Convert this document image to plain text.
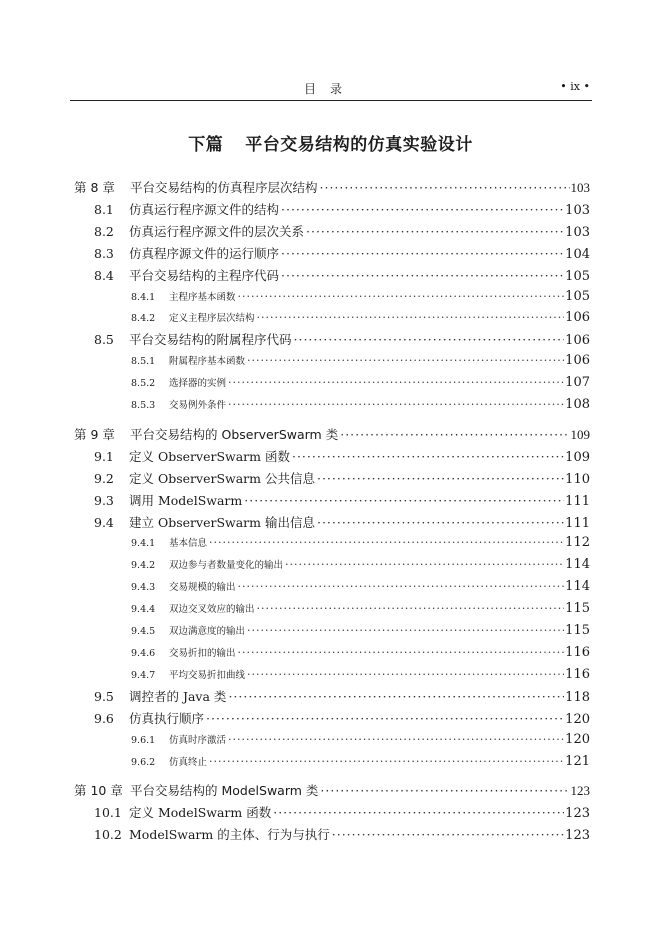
目录	• ix •
下篇 平台交易结构的仿真实验设计
第 8 章	平台交易结构的仿真程序层次结构 ·····	103
8.1	仿真运行程序源文件的结构 ·····	103
8.2	仿真运行程序源文件的层次关系 ·····	103
8.3	仿真程序源文件的运行顺序 ·····	104
8.4	平台交易结构的主程序代码 ·····	105
8.4.1	主程序基本函数 ·····	105
8.4.2	定义主程序层次结构 ·····	106
8.5	平台交易结构的附属程序代码 ·····	106
8.5.1	附属程序基本函数 ·····	106
8.5.2	选择器的实例 ·····	107
8.5.3	交易例外条件 ·····	108
第 9 章	平台交易结构的 ObserverSwarm 类 ·····	109
9.1	定义 ObserverSwarm 函数 ·····	109
9.2	定义 ObserverSwarm 公共信息 ·····	110
9.3	调用 ModelSwarm ·····	111
9.4	建立 ObserverSwarm 输出信息 ·····	111
9.4.1	基本信息 ·····	112
9.4.2	双边参与者数量变化的输出 ·····	114
9.4.3	交易规模的输出 ·····	114
9.4.4	双边交叉效应的输出 ·····	115
9.4.5	双边满意度的输出 ·····	115
9.4.6	交易折扣的输出 ·····	116
9.4.7	平均交易折扣曲线 ·····	116
9.5	调控者的 Java 类 ·····	118
9.6	仿真执行顺序 ·····	120
9.6.1	仿真时序激活 ·····	120
9.6.2	仿真终止 ·····	121
第 10 章 平台交易结构的 ModelSwarm 类 ·····	123
10.1 定义 ModelSwarm 函数 ·····	123
10.2 ModelSwarm 的主体、行为与执行 ·····	123
